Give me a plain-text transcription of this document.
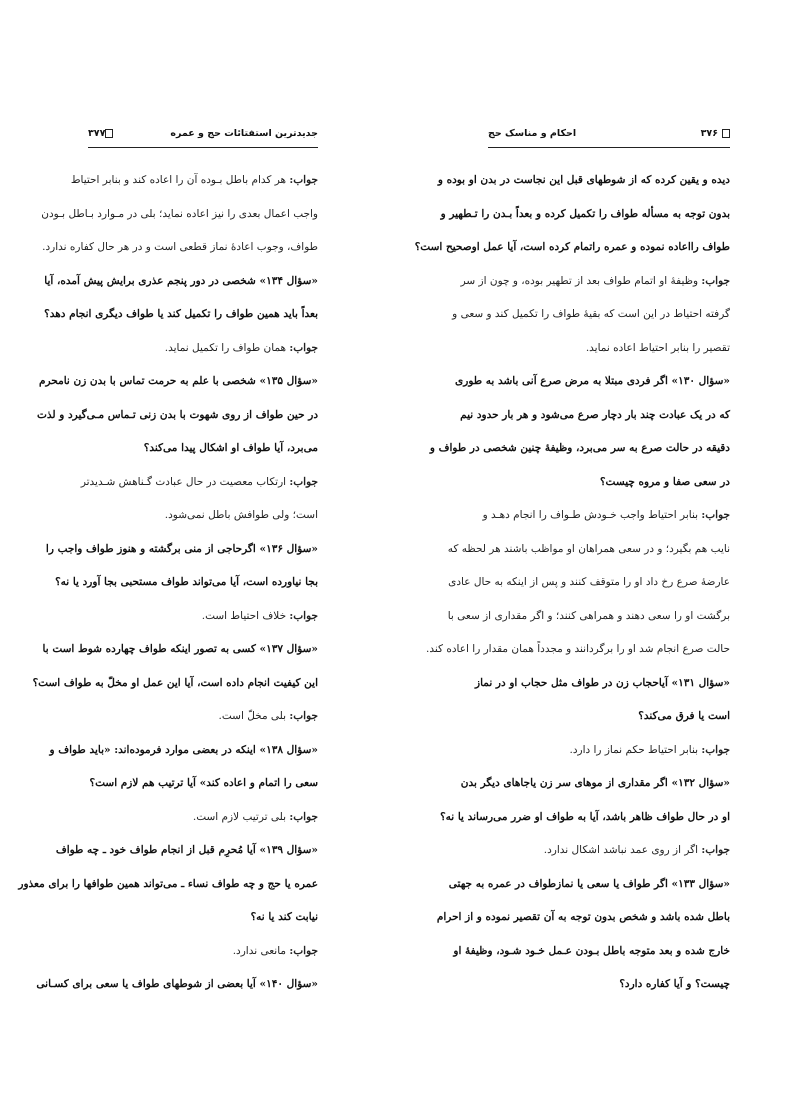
۳۷۷	جدیدترین استفتائات حج و عمره
جواب: هر کدام باطل بـوده آن را اعاده کند و بنابر احتیاط
واجب اعمال بعدی را نیز اعاده نماید؛ بلی در مـوارد بـاطل بـودن
طواف، وجوب اعادهٔ نماز قطعی است و در هر حال کفاره ندارد.
«سؤال ۱۳۴» شخصی در دور پنجم عذری برایش پیش آمده، آیا
بعداً باید همین طواف را تکمیل کند یا طواف دیگری انجام دهد؟
جواب: همان طواف را تکمیل نماید.
«سؤال ۱۳۵» شخصی با علم به حرمت تماس با بدن زن نامحرم
در حین طواف از روی شهوت با بدن زنی تـماس مـی‌گیرد و لذت
می‌برد، آیا طواف او اشکال پیدا می‌کند؟
جواب: ارتکاب معصیت در حال عبادت گـناهش شـدیدتر
است؛ ولی طوافش باطل نمی‌شود.
«سؤال ۱۳۶» اگرحاجی از منی برگشته و هنوز طواف واجب را
بجا نیاورده است، آیا می‌تواند طواف مستحبی بجا آورد یا نه؟
جواب: خلاف احتیاط است.
«سؤال ۱۳۷» کسی به تصور اینکه طواف چهارده شوط است با
این کیفیت انجام داده است، آیا این عمل او مخلّ به طواف است؟
جواب: بلی مخلّ است.
«سؤال ۱۳۸» اینکه در بعضی موارد فرموده‌اند: «باید طواف و
سعی را اتمام و اعاده کند» آیا ترتیب هم لازم است؟
جواب: بلی ترتیب لازم است.
«سؤال ۱۳۹» آیا مُحرِم قبل از انجام طواف خود ـ چه طواف
عمره یا حج و چه طواف نساء ـ می‌تواند همین طوافها را برای معذور
نیابت کند یا نه؟
جواب: مانعی ندارد.
«سؤال ۱۴۰» آیا بعضی از شوطهای طواف یا سعی برای کسـانی
۳۷۶
احکام و مناسک حج
دیده و یقین کرده که از شوطهای قبل این نجاست در بدن او بوده و
بدون توجه به مسأله طواف را تکمیل کرده و بعداً بـدن را تـطهیر و
طواف رااعاده نموده و عمره راتمام کرده است، آیا عمل اوصحیح است؟
جواب: وظیفهٔ او اتمام طواف بعد از تطهیر بوده، و چون از سر
گرفته احتیاط در این است که بقیهٔ طواف را تکمیل کند و سعی و
تقصیر را بنابر احتیاط اعاده نماید.
«سؤال ۱۳۰» اگر فردی مبتلا به مرض صرع آنی باشد به طوری
که در یک عبادت چند بار دچار صرع می‌شود و هر بار حدود نیم
دقیقه در حالت صرع به سر می‌برد، وظیفهٔ چنین شخصی در طواف و
در سعی صفا و مروه چیست؟
جواب: بنابر احتیاط واجب خـودش طـواف را انجام دهـد و
نایب هم بگیرد؛ و در سعی همراهان او مواظب باشند هر لحظه که
عارضهٔ صرع رخ داد او را متوقف کنند و پس از اینکه به حال عادی
برگشت او را سعی دهند و همراهی کنند؛ و اگر مقداری از سعی با
حالت صرع انجام شد او را برگردانند و مجدداً همان مقدار را اعاده کند.
«سؤال ۱۳۱» آیاحجاب زن در طواف مثل حجاب او در نماز
است یا فرق می‌کند؟
جواب: بنابر احتیاط حکم نماز را دارد.
«سؤال ۱۳۲» اگر مقداری از موهای سر زن یاجاهای دیگر بدن
او در حال طواف ظاهر باشد، آیا به طواف او ضرر می‌رساند یا نه؟
جواب: اگر از روی عمد نباشد اشکال ندارد.
«سؤال ۱۳۳» اگر طواف یا سعی یا نمازطواف در عمره به جهتی
باطل شده باشد و شخص بدون توجه به آن تقصیر نموده و از احرام
خارج شده و بعد متوجه باطل بـودن عـمل خـود شـود، وظیفهٔ او
چیست؟ و آیا کفاره دارد؟
